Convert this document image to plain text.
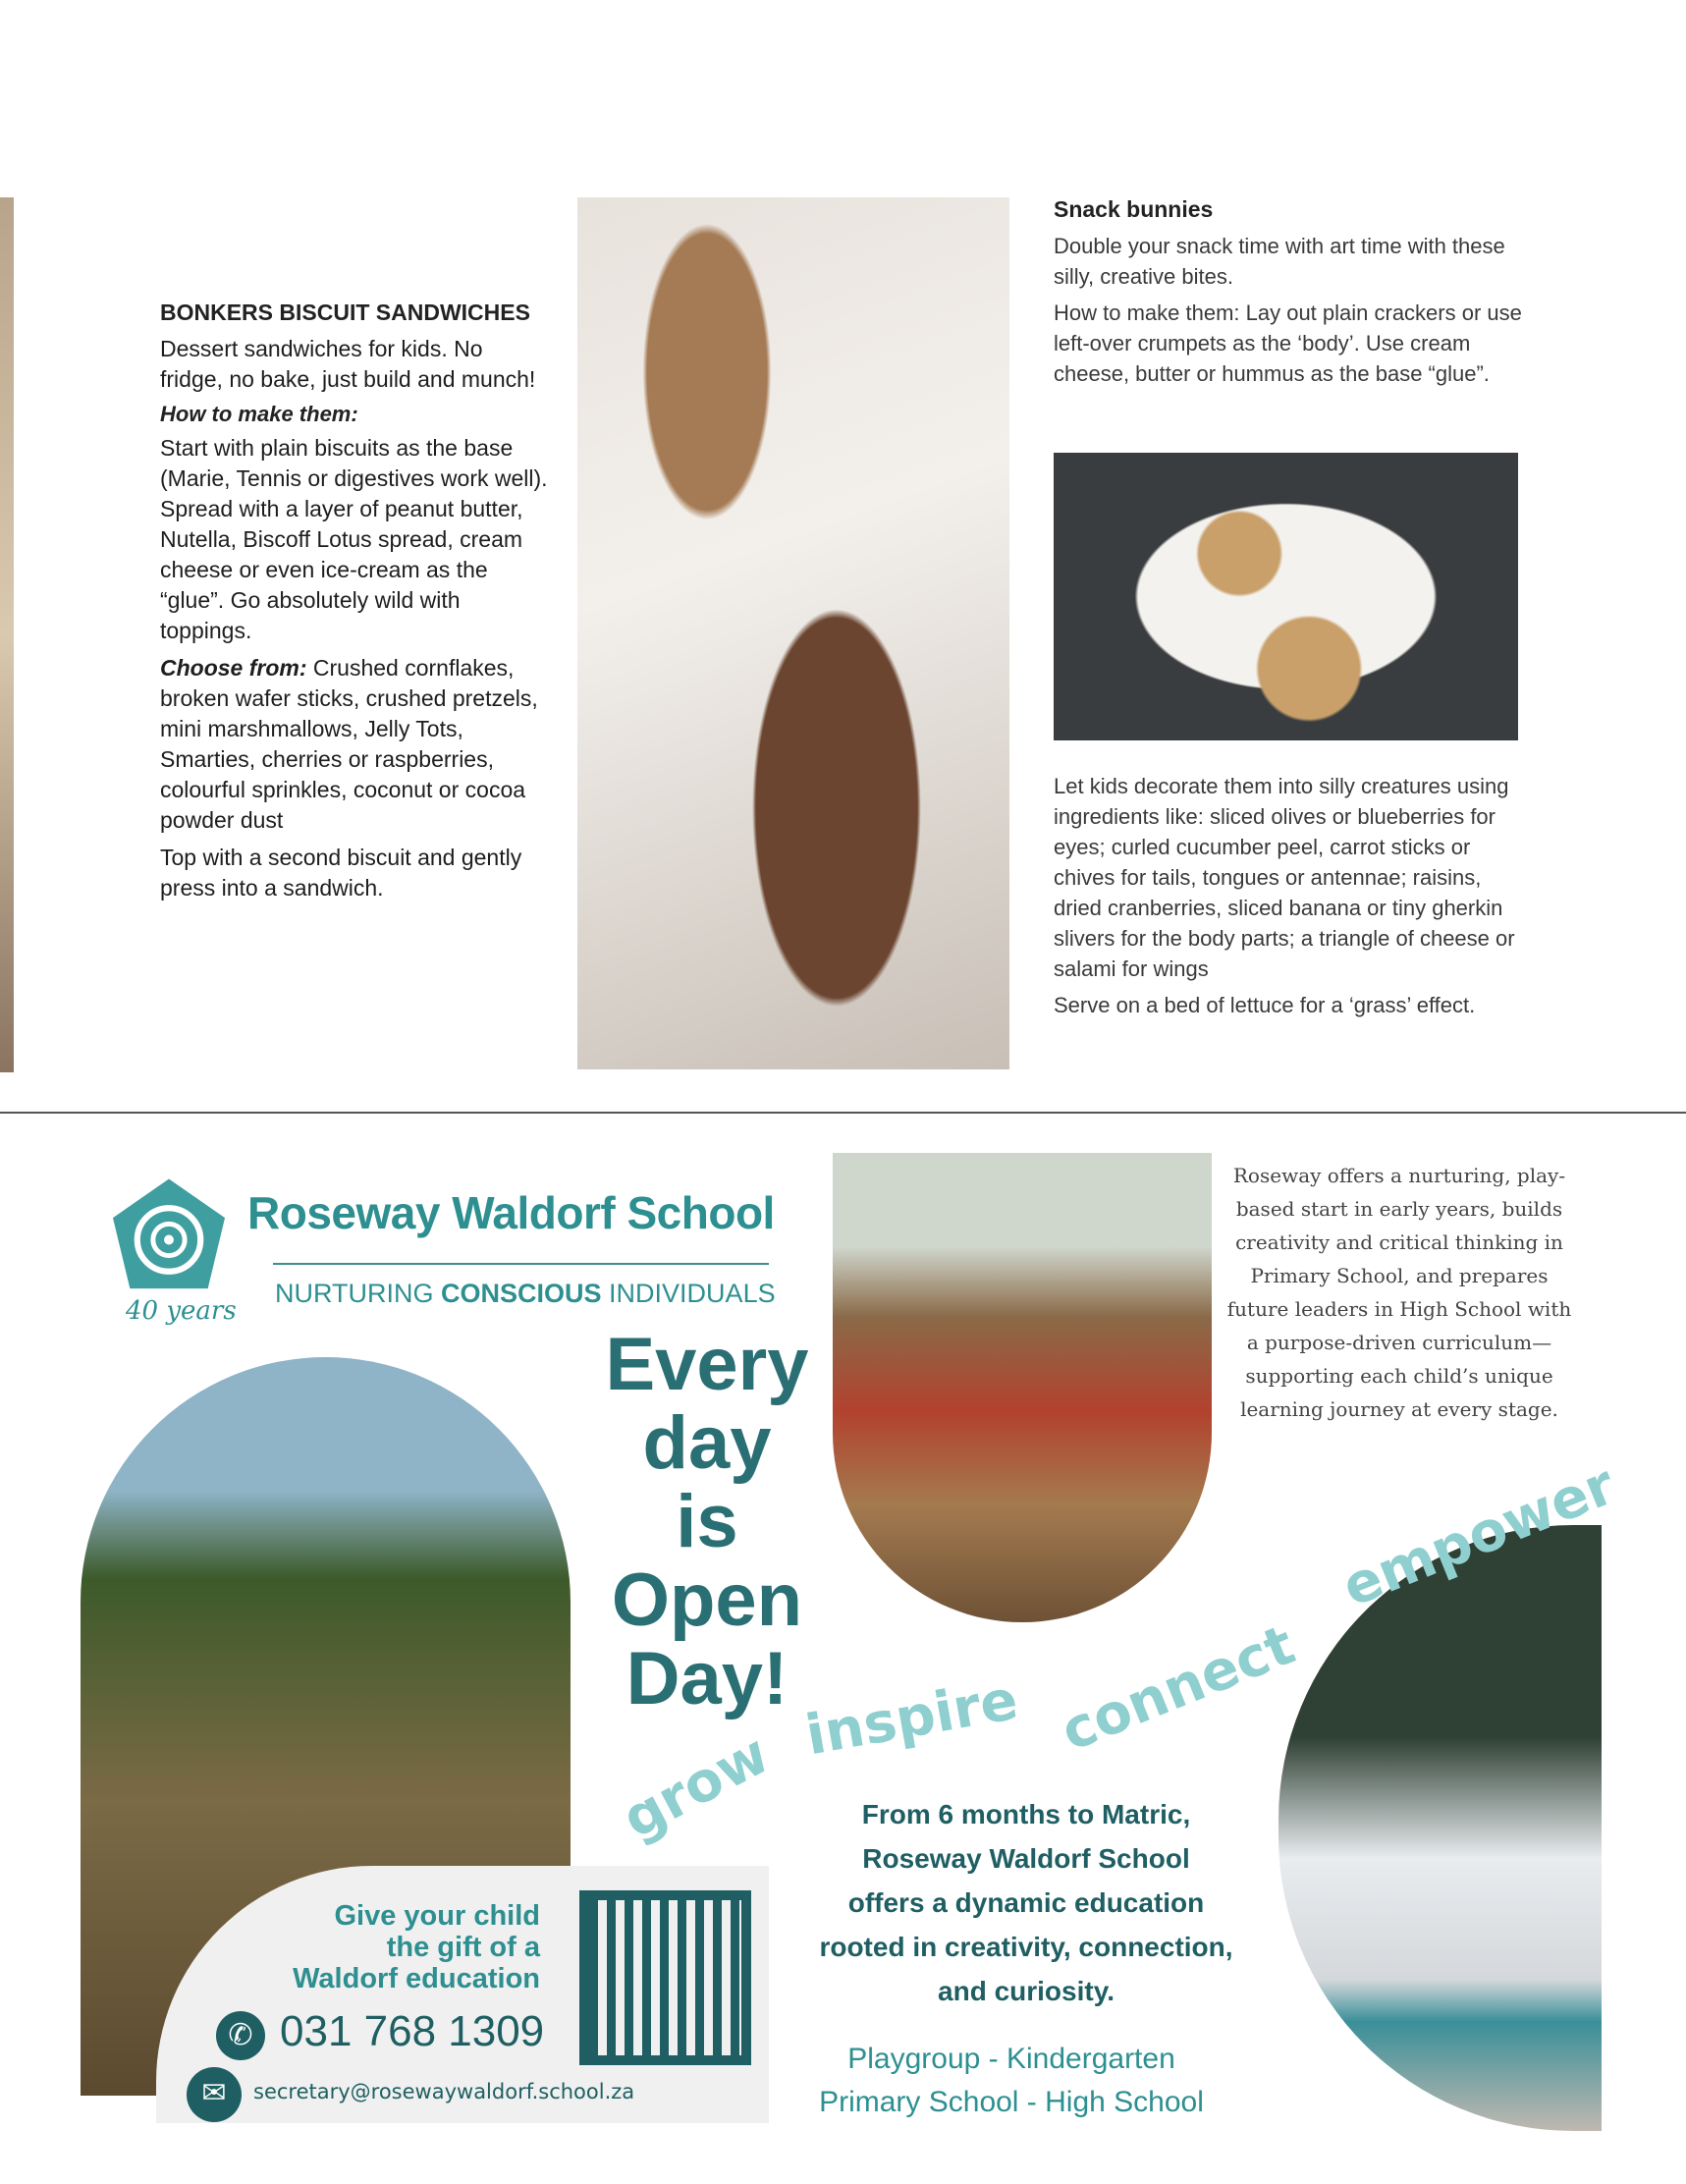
BONKERS BISCUIT SANDWICHES

Dessert sandwiches for kids. No fridge, no bake, just build and munch!

How to make them:

Start with plain biscuits as the base (Marie, Tennis or digestives work well). Spread with a layer of peanut butter, Nutella, Biscoff Lotus spread, cream cheese or even ice-cream as the “glue”. Go absolutely wild with toppings.

Choose from: Crushed cornflakes, broken wafer sticks, crushed pretzels, mini marshmallows, Jelly Tots, Smarties, cherries or raspberries, colourful sprinkles, coconut or cocoa powder dust

Top with a second biscuit and gently press into a sandwich.

Snack bunnies

Double your snack time with art time with these silly, creative bites.

How to make them: Lay out plain crackers or use left-over crumpets as the ‘body’. Use cream cheese, butter or hummus as the base “glue”.

Let kids decorate them into silly creatures using ingredients like: sliced olives or blueberries for eyes; curled cucumber peel, carrot sticks or chives for tails, tongues or antennae; raisins, dried cranberries, sliced banana or tiny gherkin slivers for the body parts; a triangle of cheese or salami for wings

Serve on a bed of lettuce for a ‘grass’ effect.

40 years
Roseway Waldorf School
NURTURING CONSCIOUS INDIVIDUALS
Every
day
is
Open
Day!
Roseway offers a nurturing, play-based start in early years, builds creativity and critical thinking in Primary School, and prepares future leaders in High School with a purpose-driven curriculum—supporting each child’s unique learning journey at every stage.
grow
inspire connect
empower
Give your child
the gift of a
Waldorf education
✆ 031 768 1309
✉	secretary@rosewaywaldorf.school.za
From 6 months to Matric,
Roseway Waldorf School
offers a dynamic education
rooted in creativity, connection,
and curiosity.
Playgroup - Kindergarten
Primary School - High School
